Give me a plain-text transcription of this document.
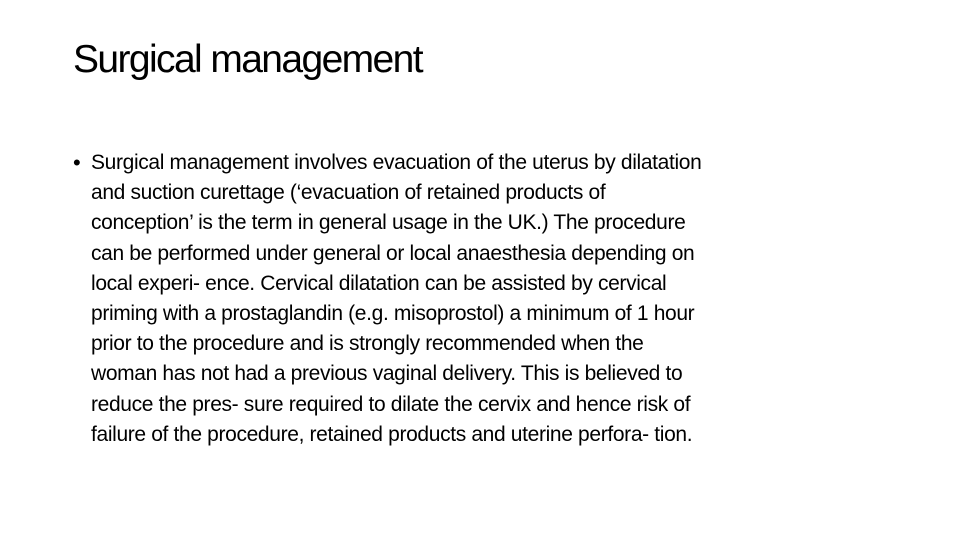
Surgical management
• Surgical management involves evacuation of the uterus by dilatation
and suction curettage (‘evacuation of retained products of
conception’ is the term in general usage in the UK.) The procedure
can be performed under general or local anaesthesia depending on
local experi- ence. Cervical dilatation can be assisted by cervical
priming with a prostaglandin (e.g. misoprostol) a minimum of 1 hour
prior to the procedure and is strongly recommended when the
woman has not had a previous vaginal delivery. This is believed to
reduce the pres- sure required to dilate the cervix and hence risk of
failure of the procedure, retained products and uterine perfora- tion.
